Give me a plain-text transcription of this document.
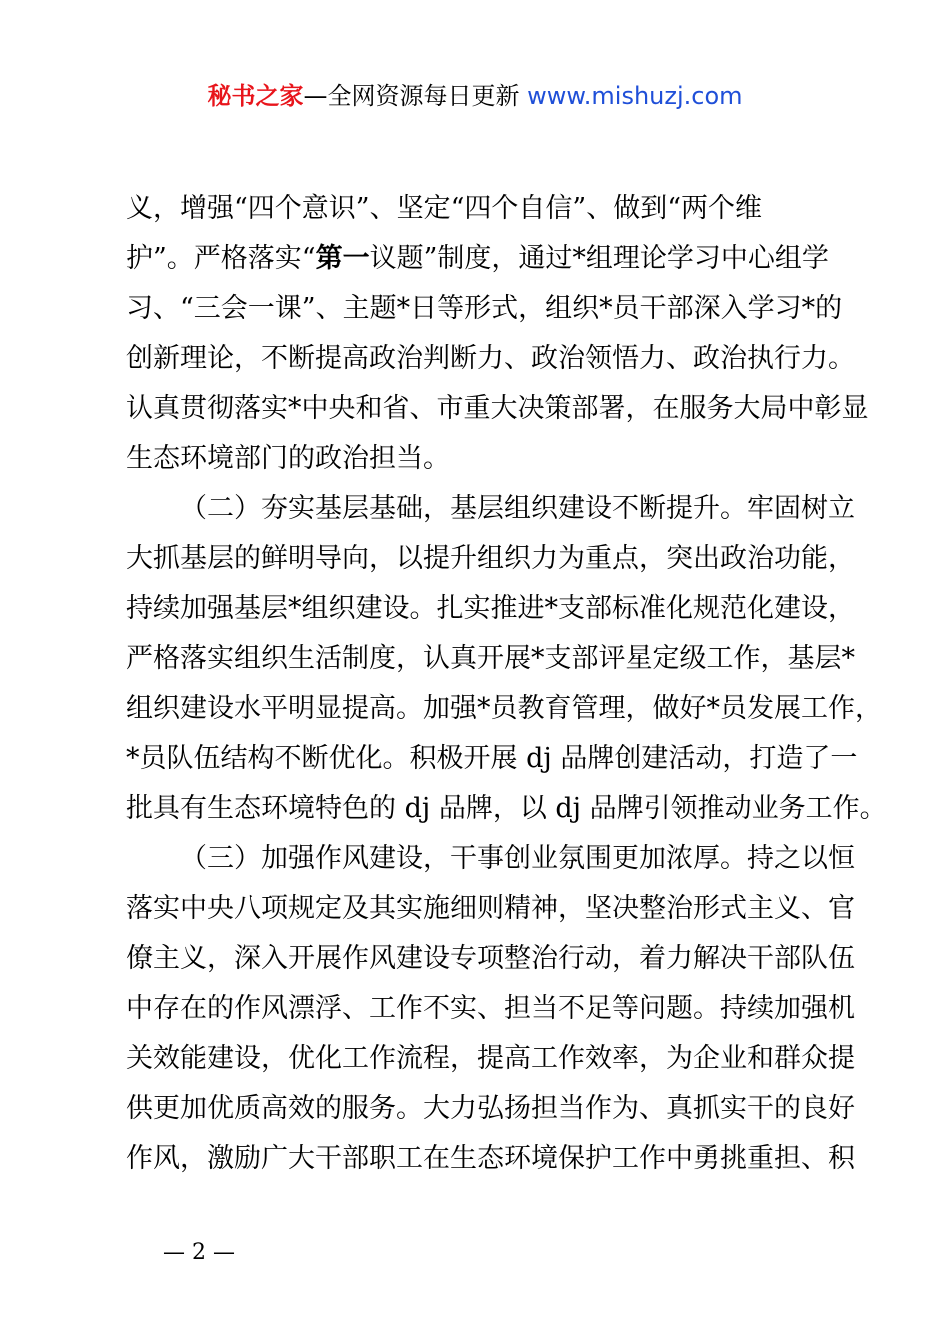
秘书之家—全网资源每日更新 www.mishuzj.com
义，增强“四个意识”、坚定“四个自信”、做到“两个维
护”。严格落实“第一议题”制度，通过*组理论学习中心组学
习、“三会一课”、主题*日等形式，组织*员干部深入学习*的
创新理论，不断提高政治判断力、政治领悟力、政治执行力。
认真贯彻落实*中央和省、市重大决策部署，在服务大局中彰显
生态环境部门的政治担当。
（二）夯实基层基础，基层组织建设不断提升。牢固树立
大抓基层的鲜明导向，以提升组织力为重点，突出政治功能，
持续加强基层*组织建设。扎实推进*支部标准化规范化建设，
严格落实组织生活制度，认真开展*支部评星定级工作，基层*
组织建设水平明显提高。加强*员教育管理，做好*员发展工作，
*员队伍结构不断优化。积极开展 dj 品牌创建活动，打造了一
批具有生态环境特色的 dj 品牌，以 dj 品牌引领推动业务工作。
（三）加强作风建设，干事创业氛围更加浓厚。持之以恒
落实中央八项规定及其实施细则精神，坚决整治形式主义、官
僚主义，深入开展作风建设专项整治行动，着力解决干部队伍
中存在的作风漂浮、工作不实、担当不足等问题。持续加强机
关效能建设，优化工作流程，提高工作效率，为企业和群众提
供更加优质高效的服务。大力弘扬担当作为、真抓实干的良好
作风，激励广大干部职工在生态环境保护工作中勇挑重担、积
— 2 —
